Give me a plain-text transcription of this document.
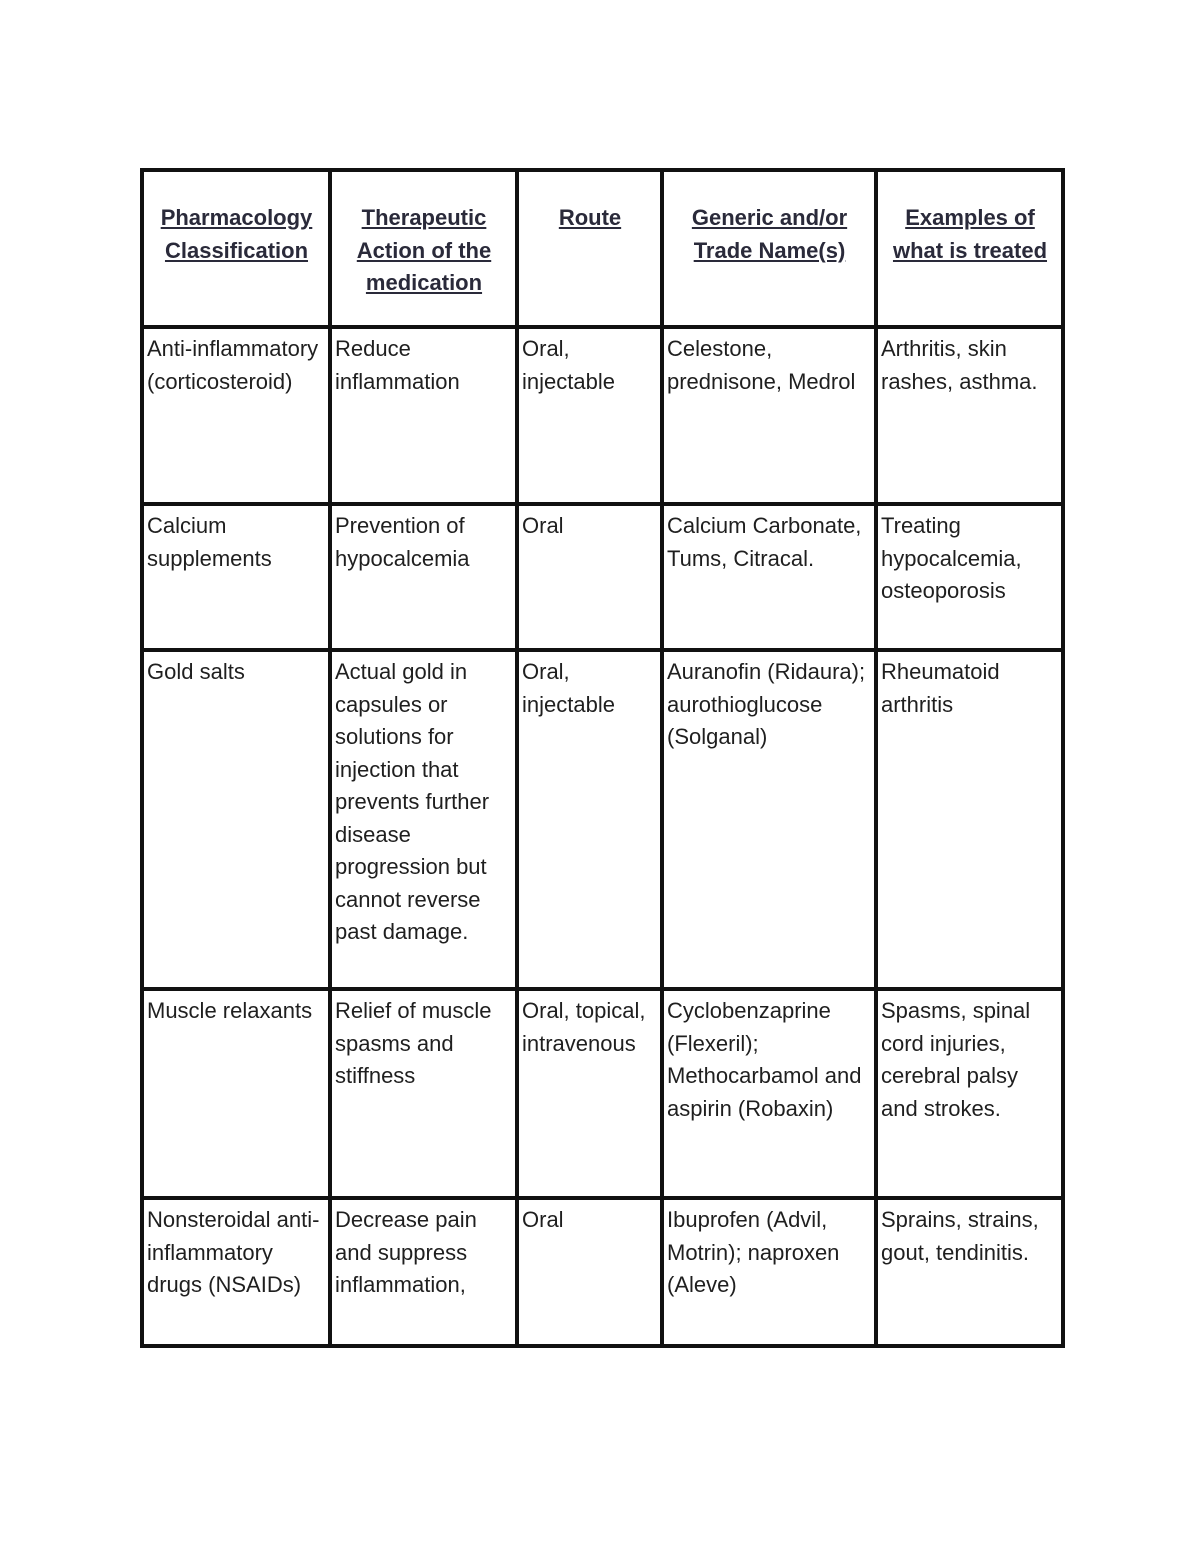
Pharmacology Classification	Therapeutic Action of the medication	Route	Generic and/or Trade Name(s)	Examples of what is treated
Anti-inflammatory (corticosteroid)	Reduce inflammation	Oral, injectable	Celestone, prednisone, Medrol	Arthritis, skin rashes, asthma.
Calcium supplements	Prevention of hypocalcemia	Oral	Calcium Carbonate, Tums, Citracal.	Treating hypocalcemia, osteoporosis
Gold salts	Actual gold in capsules or solutions for injection that prevents further disease progression but cannot reverse past damage.	Oral, injectable	Auranofin (Ridaura); aurothioglucose (Solganal)	Rheumatoid arthritis
Muscle relaxants	Relief of muscle spasms and stiffness	Oral, topical, intravenous	Cyclobenzaprine (Flexeril); Methocarbamol and aspirin (Robaxin)	Spasms, spinal cord injuries, cerebral palsy and strokes.
Nonsteroidal anti-inflammatory drugs (NSAIDs)	Decrease pain and suppress inflammation,	Oral	Ibuprofen (Advil, Motrin); naproxen (Aleve)	Sprains, strains, gout, tendinitis.
